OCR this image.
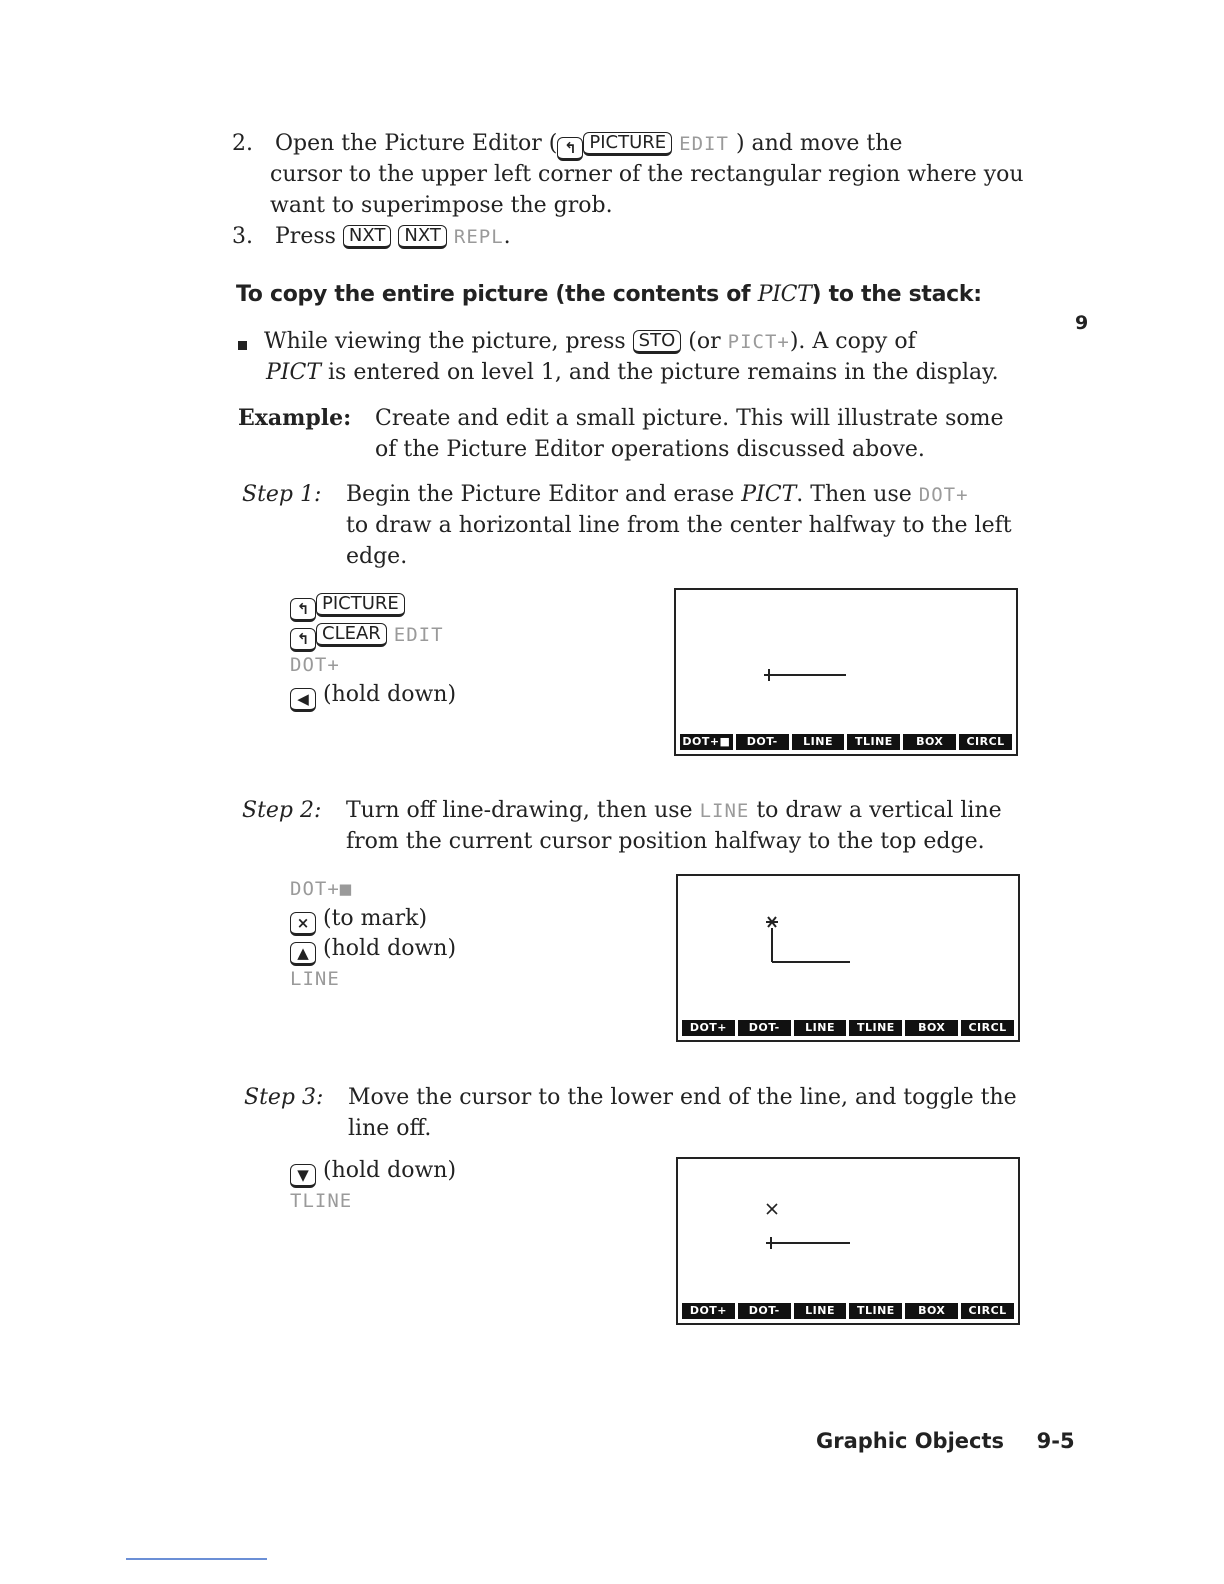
2. Open the Picture Editor ( ↰ PICTURE EDIT ) and move the
cursor to the upper left corner of the rectangular region where you
want to superimpose the grob.
3. Press NXT NXT REPL.
To copy the entire picture (the contents of PICT) to the stack:
9
While viewing the picture, press STO (or PICT+). A copy of
PICT is entered on level 1, and the picture remains in the display.
Example: Create and edit a small picture. This will illustrate some
of the Picture Editor operations discussed above.
Step 1: Begin the Picture Editor and erase PICT. Then use DOT+
to draw a horizontal line from the center halfway to the left
edge.
↰ PICTURE
↰ CLEAR EDIT
DOT+
◀ (hold down)
DOT+■	DOT-	LINE	TLINE	BOX	CIRCL
Step 2: Turn off line-drawing, then use LINE to draw a vertical line
from the current cursor position halfway to the top edge.
DOT+■
× (to mark)
▲ (hold down)
LINE
DOT+	DOT-	LINE	TLINE	BOX	CIRCL
Step 3: Move the cursor to the lower end of the line, and toggle the
line off.
▼ (hold down)
TLINE
DOT+	DOT-	LINE	TLINE	BOX	CIRCL
Graphic Objects 9-5
